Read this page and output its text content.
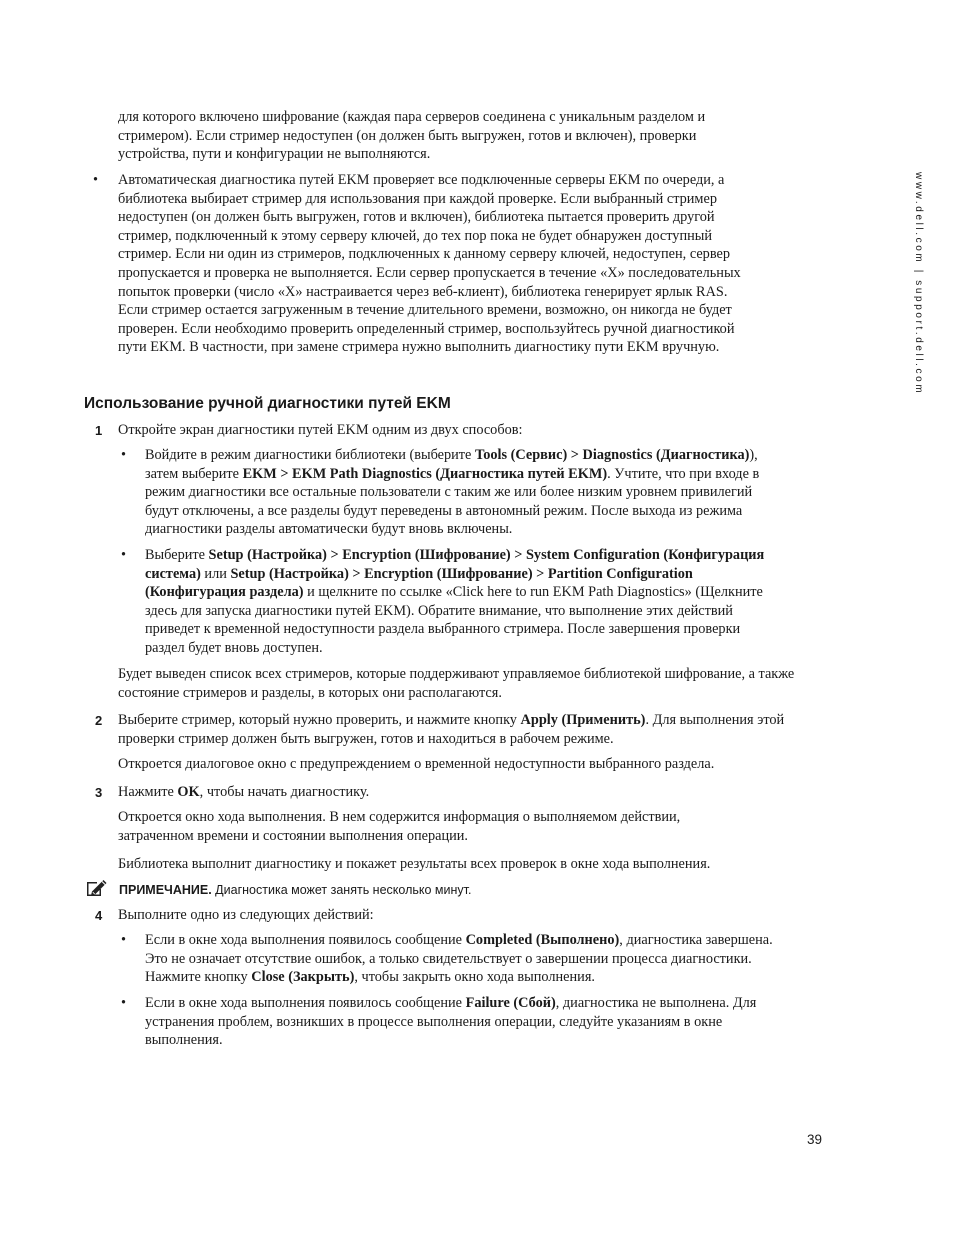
для которого включено шифрование (каждая пара серверов соединена с уникальным разделом и стримером). Если стример недоступен (он должен быть выгружен, готов и включен), проверки устройства, пути и конфигурации не выполняются.

• Автоматическая диагностика путей EKM проверяет все подключенные серверы EKM по очереди, а библиотека выбирает стример для использования при каждой проверке. Если выбранный стример недоступен (он должен быть выгружен, готов и включен), библиотека пытается проверить другой стример, подключенный к этому серверу ключей, до тех пор пока не будет обнаружен доступный стример. Если ни один из стримеров, подключенных к данному серверу ключей, недоступен, сервер пропускается и проверка не выполняется. Если сервер пропускается в течение «X» последовательных попыток проверки (число «X» настраивается через веб-клиент), библиотека генерирует ярлык RAS. Если стример остается загруженным в течение длительного времени, возможно, он никогда не будет проверен. Если необходимо проверить определенный стример, воспользуйтесь ручной диагностикой пути EKM. В частности, при замене стримера нужно выполнить диагностику пути EKM вручную.

Использование ручной диагностики путей EKM
1 Откройте экран диагностики путей EKM одним из двух способов:

• Войдите в режим диагностики библиотеки (выберите Tools (Сервис) > Diagnostics (Диагностика)), затем выберите EKM > EKM Path Diagnostics (Диагностика путей EKM). Учтите, что при входе в режим диагностики все остальные пользователи с таким же или более низким уровнем привилегий будут отключены, а все разделы будут переведены в автономный режим. После выхода из режима диагностики разделы автоматически будут вновь включены.

• Выберите Setup (Настройка) > Encryption (Шифрование) > System Configuration (Конфигурация система) или Setup (Настройка) > Encryption (Шифрование) > Partition Configuration (Конфигурация раздела) и щелкните по ссылке «Click here to run EKM Path Diagnostics» (Щелкните здесь для запуска диагностики путей EKM). Обратите внимание, что выполнение этих действий приведет к временной недоступности раздела выбранного стримера. После завершения проверки раздел будет вновь доступен.

Будет выведен список всех стримеров, которые поддерживают управляемое библиотекой шифрование, а также состояние стримеров и разделы, в которых они располагаются.

2 Выберите стример, который нужно проверить, и нажмите кнопку Apply (Применить). Для выполнения этой проверки стример должен быть выгружен, готов и находиться в рабочем режиме.

Откроется диалоговое окно с предупреждением о временной недоступности выбранного раздела.

3 Нажмите OK, чтобы начать диагностику.

Откроется окно хода выполнения. В нем содержится информация о выполняемом действии, затраченном времени и состоянии выполнения операции.

Библиотека выполнит диагностику и покажет результаты всех проверок в окне хода выполнения.

ПРИМЕЧАНИЕ. Диагностика может занять несколько минут.

4 Выполните одно из следующих действий:

• Если в окне хода выполнения появилось сообщение Completed (Выполнено), диагностика завершена. Это не означает отсутствие ошибок, а только свидетельствует о завершении процесса диагностики. Нажмите кнопку Close (Закрыть), чтобы закрыть окно хода выполнения.

• Если в окне хода выполнения появилось сообщение Failure (Сбой), диагностика не выполнена. Для устранения проблем, возникших в процессе выполнения операции, следуйте указаниям в окне выполнения.

www.dell.com | support.dell.com
39
